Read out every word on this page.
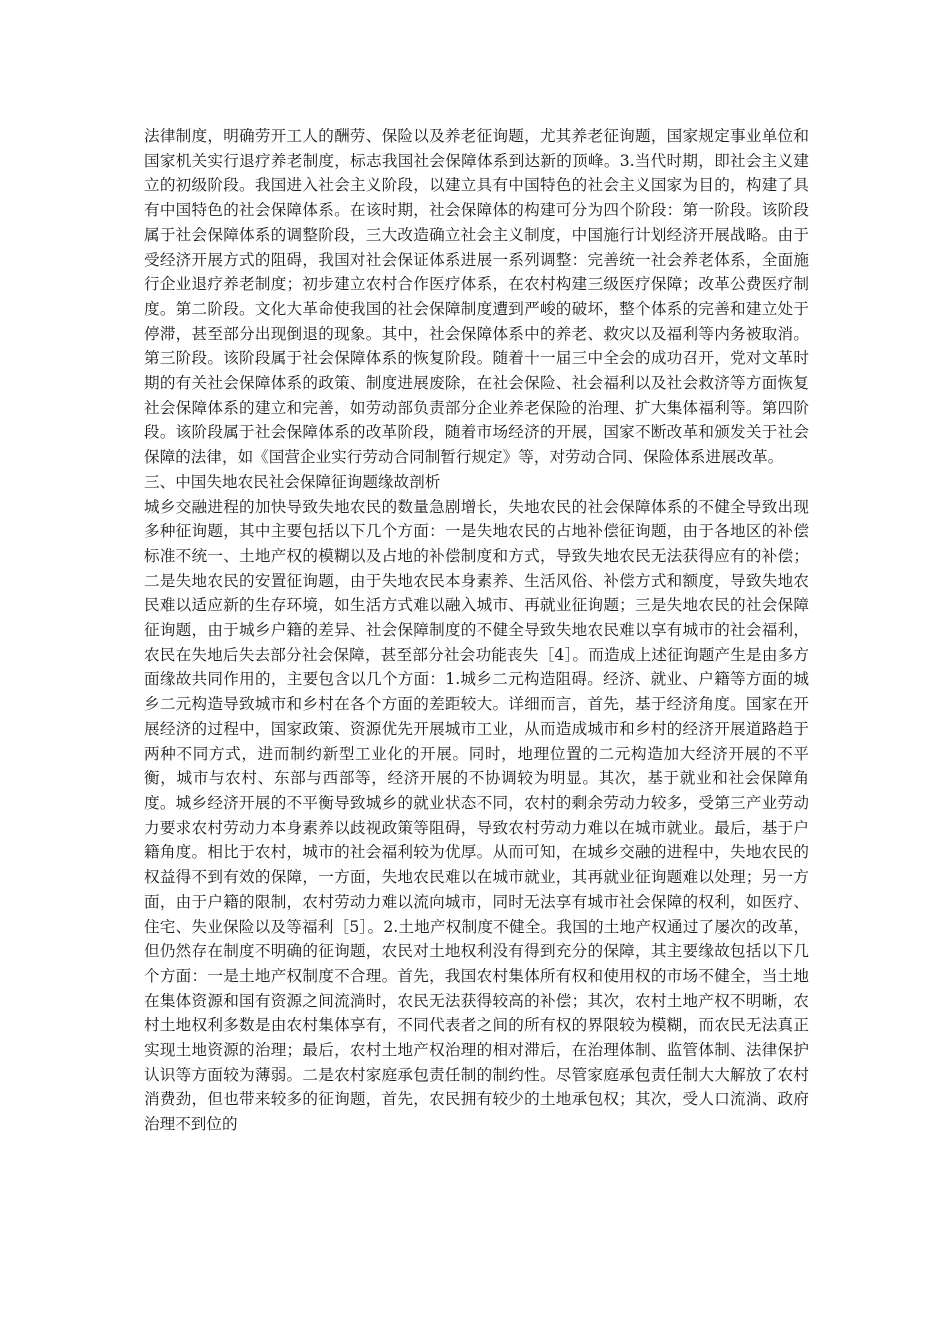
法律制度，明确劳开工人的酬劳、保险以及养老征询题，尤其养老征询题，国家规定事业单位和国家机关实行退疗养老制度，标志我国社会保障体系到达新的顶峰。3.当代时期，即社会主义建立的初级阶段。我国进入社会主义阶段，以建立具有中国特色的社会主义国家为目的，构建了具有中国特色的社会保障体系。在该时期，社会保障体的构建可分为四个阶段：第一阶段。该阶段属于社会保障体系的调整阶段，三大改造确立社会主义制度，中国施行计划经济开展战略。由于受经济开展方式的阻碍，我国对社会保证体系进展一系列调整：完善统一社会养老体系，全面施行企业退疗养老制度；初步建立农村合作医疗体系，在农村构建三级医疗保障；改革公费医疗制度。第二阶段。文化大革命使我国的社会保障制度遭到严峻的破坏，整个体系的完善和建立处于停滞，甚至部分出现倒退的现象。其中，社会保障体系中的养老、救灾以及福利等内务被取消。第三阶段。该阶段属于社会保障体系的恢复阶段。随着十一届三中全会的成功召开，党对文革时期的有关社会保障体系的政策、制度进展废除，在社会保险、社会福利以及社会救济等方面恢复社会保障体系的建立和完善，如劳动部负责部分企业养老保险的治理、扩大集体福利等。第四阶段。该阶段属于社会保障体系的改革阶段，随着市场经济的开展，国家不断改革和颁发关于社会保障的法律，如《国营企业实行劳动合同制暂行规定》等，对劳动合同、保险体系进展改革。

三、中国失地农民社会保障征询题缘故剖析

城乡交融进程的加快导致失地农民的数量急剧增长，失地农民的社会保障体系的不健全导致出现多种征询题，其中主要包括以下几个方面：一是失地农民的占地补偿征询题，由于各地区的补偿标准不统一、土地产权的模糊以及占地的补偿制度和方式，导致失地农民无法获得应有的补偿；二是失地农民的安置征询题，由于失地农民本身素养、生活风俗、补偿方式和额度，导致失地农民难以适应新的生存环境，如生活方式难以融入城市、再就业征询题；三是失地农民的社会保障征询题，由于城乡户籍的差异、社会保障制度的不健全导致失地农民难以享有城市的社会福利，农民在失地后失去部分社会保障，甚至部分社会功能丧失［4］。而造成上述征询题产生是由多方面缘故共同作用的，主要包含以几个方面：1.城乡二元构造阻碍。经济、就业、户籍等方面的城乡二元构造导致城市和乡村在各个方面的差距较大。详细而言，首先，基于经济角度。国家在开展经济的过程中，国家政策、资源优先开展城市工业，从而造成城市和乡村的经济开展道路趋于两种不同方式，进而制约新型工业化的开展。同时，地理位置的二元构造加大经济开展的不平衡，城市与农村、东部与西部等，经济开展的不协调较为明显。其次，基于就业和社会保障角度。城乡经济开展的不平衡导致城乡的就业状态不同，农村的剩余劳动力较多，受第三产业劳动力要求农村劳动力本身素养以歧视政策等阻碍，导致农村劳动力难以在城市就业。最后，基于户籍角度。相比于农村，城市的社会福利较为优厚。从而可知，在城乡交融的进程中，失地农民的权益得不到有效的保障，一方面，失地农民难以在城市就业，其再就业征询题难以处理；另一方面，由于户籍的限制，农村劳动力难以流向城市，同时无法享有城市社会保障的权利，如医疗、住宅、失业保险以及等福利［5］。2.土地产权制度不健全。我国的土地产权通过了屡次的改革，但仍然存在制度不明确的征询题，农民对土地权利没有得到充分的保障，其主要缘故包括以下几个方面：一是土地产权制度不合理。首先，我国农村集体所有权和使用权的市场不健全，当土地在集体资源和国有资源之间流淌时，农民无法获得较高的补偿；其次，农村土地产权不明晰，农村土地权利多数是由农村集体享有，不同代表者之间的所有权的界限较为模糊，而农民无法真正实现土地资源的治理；最后，农村土地产权治理的相对滞后，在治理体制、监管体制、法律保护认识等方面较为薄弱。二是农村家庭承包责任制的制约性。尽管家庭承包责任制大大解放了农村消费劲，但也带来较多的征询题，首先，农民拥有较少的土地承包权；其次，受人口流淌、政府治理不到位的
